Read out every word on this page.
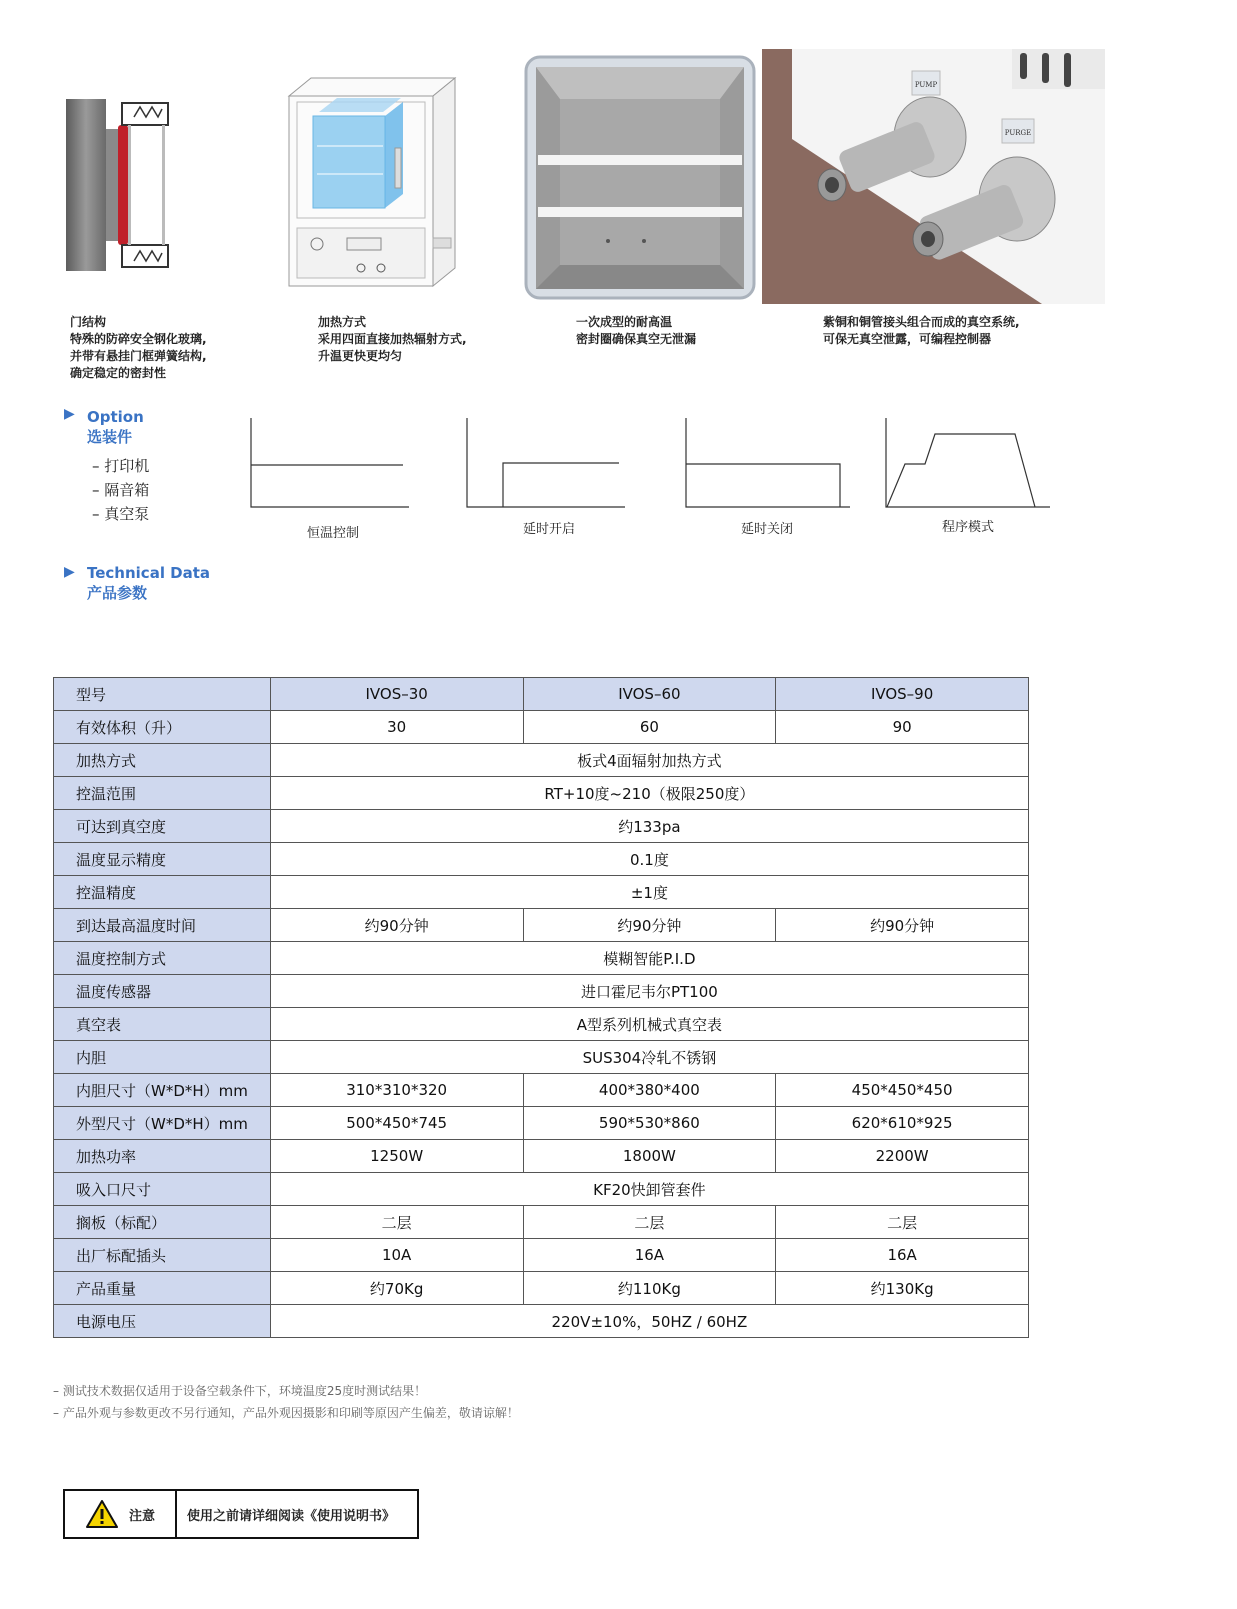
PUMP
PURGE
门结构
特殊的防碎安全钢化玻璃,
并带有悬挂门框弹簧结构,
确定稳定的密封性
加热方式
采用四面直接加热辐射方式,
升温更快更均匀
一次成型的耐高温
密封圈确保真空无泄漏
紫铜和铜管接头组合而成的真空系统,
可保无真空泄露，可编程控制器
▶ Option
选装件
– 打印机
– 隔音箱
– 真空泵
恒温控制	延时开启	延时关闭	程序模式
▶ Technical Data
产品参数
型号	IVOS–30	IVOS–60	IVOS–90
有效体积（升）	30	60	90
加热方式	板式4面辐射加热方式		
控温范围	RT+10度~210（极限250度）		
可达到真空度	约133pa		
温度显示精度	0.1度		
控温精度	±1度		
到达最高温度时间	约90分钟	约90分钟	约90分钟
温度控制方式	模糊智能P.I.D		
温度传感器	进口霍尼韦尔PT100		
真空表	A型系列机械式真空表		
内胆	SUS304冷轧不锈钢		
内胆尺寸（W*D*H）mm	310*310*320	400*380*400	450*450*450
外型尺寸（W*D*H）mm	500*450*745	590*530*860	620*610*925
加热功率	1250W	1800W	2200W
吸入口尺寸	KF20快卸管套件		
搁板（标配）	二层	二层	二层
出厂标配插头	10A	16A	16A
产品重量	约70Kg	约110Kg	约130Kg
电源电压	220V±10%，50HZ / 60HZ		
– 测试技术数据仅适用于设备空载条件下，环境温度25度时测试结果！
– 产品外观与参数更改不另行通知，产品外观因摄影和印刷等原因产生偏差，敬请谅解！
注意	使用之前请详细阅读《使用说明书》
